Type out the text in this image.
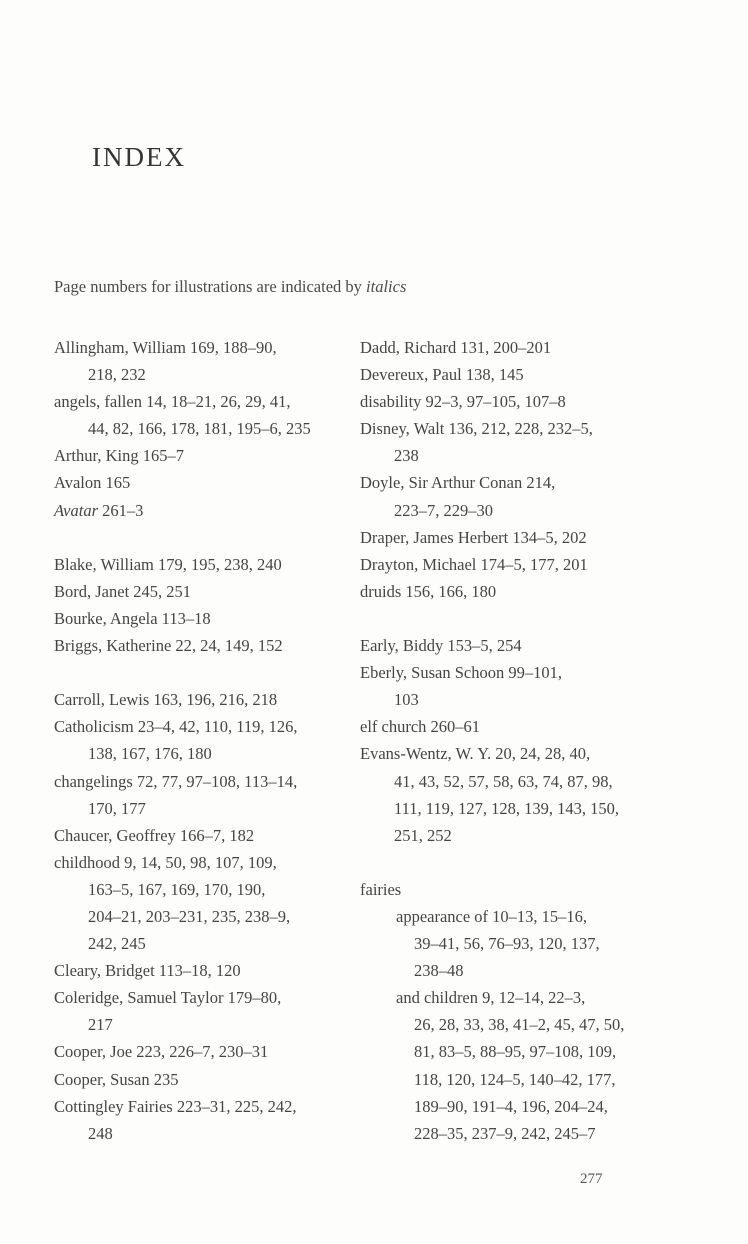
INDEX
Page numbers for illustrations are indicated by italics
Allingham, William 169, 188–90,
218, 232
angels, fallen 14, 18–21, 26, 29, 41,
44, 82, 166, 178, 181, 195–6, 235
Arthur, King 165–7
Avalon 165
Avatar 261–3
Blake, William 179, 195, 238, 240
Bord, Janet 245, 251
Bourke, Angela 113–18
Briggs, Katherine 22, 24, 149, 152
Carroll, Lewis 163, 196, 216, 218
Catholicism 23–4, 42, 110, 119, 126,
138, 167, 176, 180
changelings 72, 77, 97–108, 113–14,
170, 177
Chaucer, Geoffrey 166–7, 182
childhood 9, 14, 50, 98, 107, 109,
163–5, 167, 169, 170, 190,
204–21, 203–231, 235, 238–9,
242, 245
Cleary, Bridget 113–18, 120
Coleridge, Samuel Taylor 179–80,
217
Cooper, Joe 223, 226–7, 230–31
Cooper, Susan 235
Cottingley Fairies 223–31, 225, 242,
248
Dadd, Richard 131, 200–201
Devereux, Paul 138, 145
disability 92–3, 97–105, 107–8
Disney, Walt 136, 212, 228, 232–5,
238
Doyle, Sir Arthur Conan 214,
223–7, 229–30
Draper, James Herbert 134–5, 202
Drayton, Michael 174–5, 177, 201
druids 156, 166, 180
Early, Biddy 153–5, 254
Eberly, Susan Schoon 99–101,
103
elf church 260–61
Evans-Wentz, W. Y. 20, 24, 28, 40,
41, 43, 52, 57, 58, 63, 74, 87, 98,
111, 119, 127, 128, 139, 143, 150,
251, 252
fairies
appearance of 10–13, 15–16,
39–41, 56, 76–93, 120, 137,
238–48
and children 9, 12–14, 22–3,
26, 28, 33, 38, 41–2, 45, 47, 50,
81, 83–5, 88–95, 97–108, 109,
118, 120, 124–5, 140–42, 177,
189–90, 191–4, 196, 204–24,
228–35, 237–9, 242, 245–7
277
